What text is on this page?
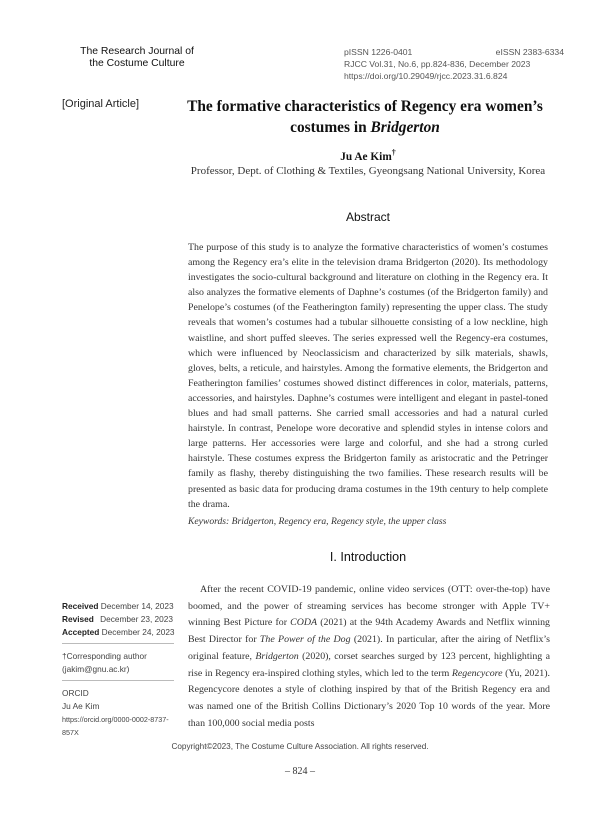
The Research Journal of
the Costume Culture
pISSN 1226-0401	eISSN 2383-6334
RJCC Vol.31, No.6, pp.824-836, December 2023
https://doi.org/10.29049/rjcc.2023.31.6.824
[Original Article]	The formative characteristics of Regency era women’s
costumes in Bridgerton
Ju Ae Kim†
Professor, Dept. of Clothing & Textiles, Gyeongsang National University, Korea
Abstract
The purpose of this study is to analyze the formative characteristics of women’s costumes among the Regency era’s elite in the television drama Bridgerton (2020). Its methodology investigates the socio-cultural background and literature on clothing in the Regency era. It also analyzes the formative elements of Daphne’s costumes (of the Bridgerton family) and Penelope’s costumes (of the Featherington family) representing the upper class. The study reveals that women’s costumes had a tubular silhouette consisting of a low neckline, high waistline, and short puffed sleeves. The series expressed well the Regency-era costumes, which were influenced by Neoclassicism and characterized by silk materials, shawls, gloves, belts, a reticule, and hairstyles. Among the formative elements, the Bridgerton and Featherington families’ costumes showed distinct differences in color, materials, patterns, accessories, and hairstyles. Daphne’s costumes were intelligent and elegant in pastel-toned blues and had small patterns. She carried small accessories and had a natural curled hairstyle. In contrast, Penelope wore decorative and splendid styles in intense colors and large patterns. Her accessories were large and colorful, and she had a strong curled hairstyle. These costumes express the Bridgerton family as aristocratic and the Petringer family as flashy, thereby distinguishing the two families. These research results will be presented as basic data for producing drama costumes in the 19th century to help complete the drama.
Keywords: Bridgerton, Regency era, Regency style, the upper class
I. Introduction

After the recent COVID-19 pandemic, online video services (OTT: over-the-top) have boomed, and the power of streaming services has become stronger with Apple TV+ winning Best Picture for CODA (2021) at the 94th Academy Awards and Netflix winning Best Director for The Power of the Dog (2021). In particular, after the airing of Netflix’s original feature, Bridgerton (2020), corset searches surged by 123 percent, highlighting a rise in Regency era-inspired clothing styles, which led to the term Regencycore (Yu, 2021). Regencycore denotes a style of clothing inspired by that of the British Regency era and was named one of the British Collins Dictionary’s 2020 Top 10 words of the year. More than 100,000 social media posts

Received December 14, 2023
Revised December 23, 2023
Accepted December 24, 2023
†Corresponding author
(jakim@gnu.ac.kr)
ORCID
Ju Ae Kim
https://orcid.org/0000-0002-8737-857X
Copyright©2023, The Costume Culture Association. All rights reserved.
– 824 –
